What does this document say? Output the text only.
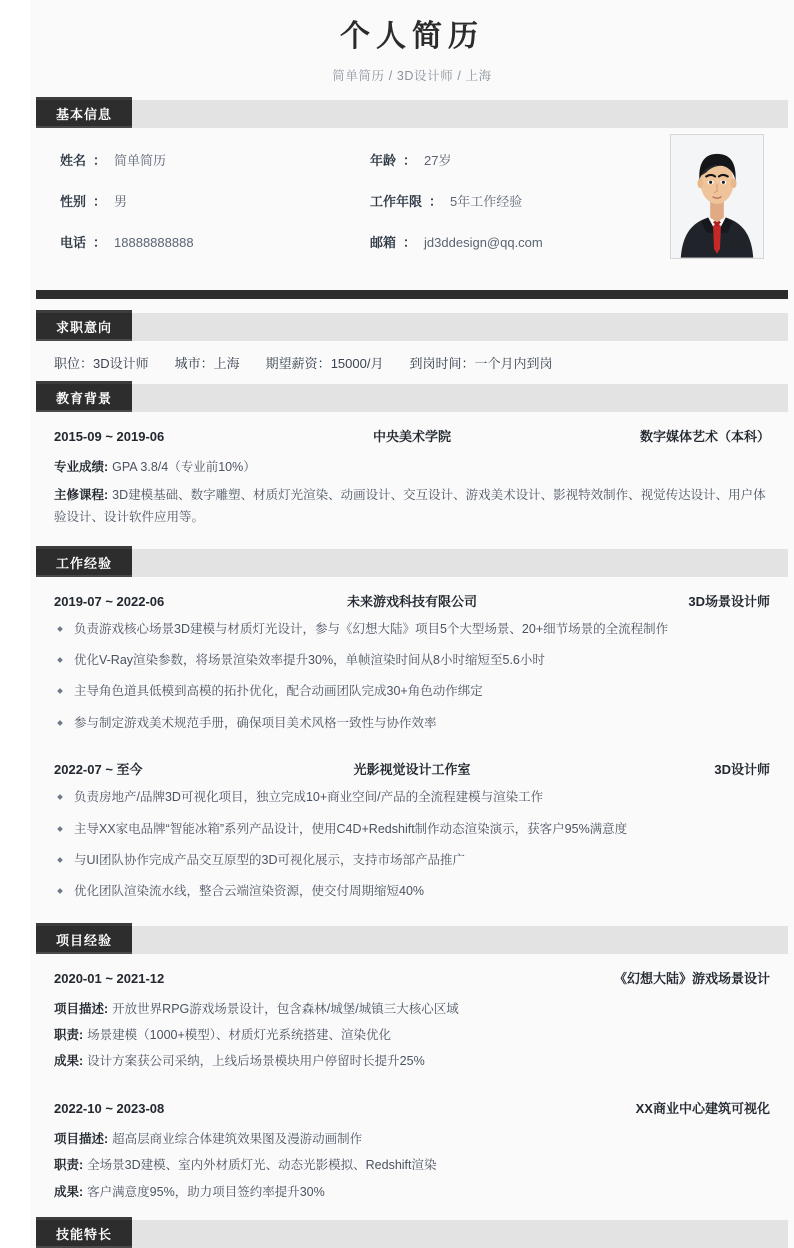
个人简历
简单简历 / 3D设计师 / 上海
基本信息
姓名 ： 简单简历	年龄 ： 27岁
性别 ： 男	工作年限 ： 5年工作经验
电话 ： 18888888888	邮箱 ： jd3ddesign@qq.com
求职意向
职位：3D设计师 城市：上海 期望薪资：15000/月 到岗时间：一个月内到岗
教育背景
2015-09 ~ 2019-06	中央美术学院	数字媒体艺术（本科）
专业成绩: GPA 3.8/4（专业前10%）
主修课程: 3D建模基础、数字雕塑、材质灯光渲染、动画设计、交互设计、游戏美术设计、影视特效制作、视觉传达设计、用户体验设计、设计软件应用等。
工作经验
2019-07 ~ 2022-06	未来游戏科技有限公司	3D场景设计师
负责游戏核心场景3D建模与材质灯光设计，参与《幻想大陆》项目5个大型场景、20+细节场景的全流程制作
优化V-Ray渲染参数，将场景渲染效率提升30%，单帧渲染时间从8小时缩短至5.6小时
主导角色道具低模到高模的拓扑优化，配合动画团队完成30+角色动作绑定
参与制定游戏美术规范手册，确保项目美术风格一致性与协作效率
2022-07 ~ 至今	光影视觉设计工作室	3D设计师
负责房地产/品牌3D可视化项目，独立完成10+商业空间/产品的全流程建模与渲染工作
主导XX家电品牌“智能冰箱”系列产品设计，使用C4D+Redshift制作动态渲染演示，获客户95%满意度
与UI团队协作完成产品交互原型的3D可视化展示，支持市场部产品推广
优化团队渲染流水线，整合云端渲染资源，使交付周期缩短40%
项目经验
2020-01 ~ 2021-12	《幻想大陆》游戏场景设计
项目描述: 开放世界RPG游戏场景设计，包含森林/城堡/城镇三大核心区域
职责: 场景建模（1000+模型）、材质灯光系统搭建、渲染优化
成果: 设计方案获公司采纳，上线后场景模块用户停留时长提升25%
2022-10 ~ 2023-08	XX商业中心建筑可视化
项目描述: 超高层商业综合体建筑效果图及漫游动画制作
职责: 全场景3D建模、室内外材质灯光、动态光影模拟、Redshift渲染
成果: 客户满意度95%，助力项目签约率提升30%
技能特长
